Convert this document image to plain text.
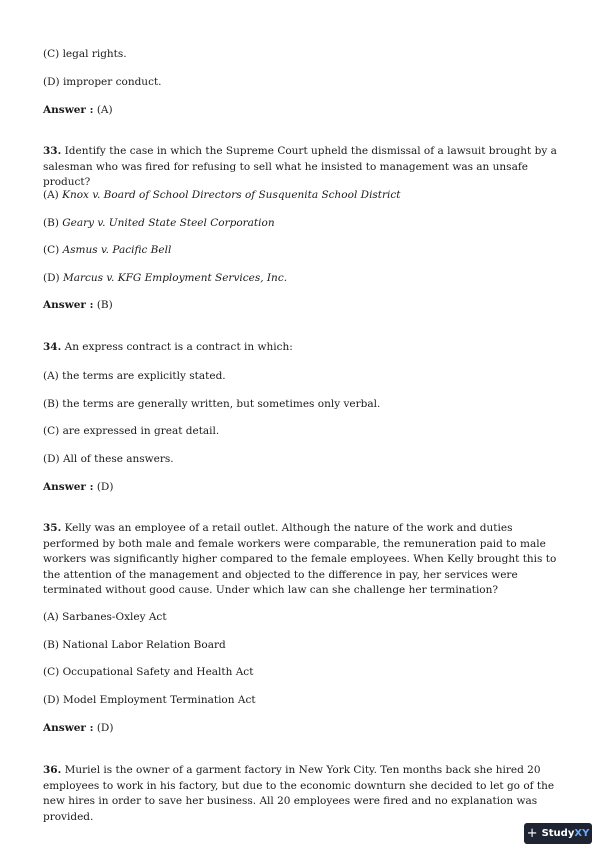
(C) legal rights.
(D) improper conduct.
Answer : (A)
33. Identify the case in which the Supreme Court upheld the dismissal of a lawsuit brought by a salesman who was fired for refusing to sell what he insisted to management was an unsafe product?
(A) Knox v. Board of School Directors of Susquenita School District
(B) Geary v. United State Steel Corporation
(C) Asmus v. Pacific Bell
(D) Marcus v. KFG Employment Services, Inc.
Answer : (B)
34. An express contract is a contract in which:
(A) the terms are explicitly stated.
(B) the terms are generally written, but sometimes only verbal.
(C) are expressed in great detail.
(D) All of these answers.
Answer : (D)
35. Kelly was an employee of a retail outlet. Although the nature of the work and duties performed by both male and female workers were comparable, the remuneration paid to male workers was significantly higher compared to the female employees. When Kelly brought this to the attention of the management and objected to the difference in pay, her services were terminated without good cause. Under which law can she challenge her termination?
(A) Sarbanes-Oxley Act
(B) National Labor Relation Board
(C) Occupational Safety and Health Act
(D) Model Employment Termination Act
Answer : (D)
36. Muriel is the owner of a garment factory in New York City. Ten months back she hired 20 employees to work in his factory, but due to the economic downturn she decided to let go of the new hires in order to save her business. All 20 employees were fired and no explanation was provided.
+ Study XY
